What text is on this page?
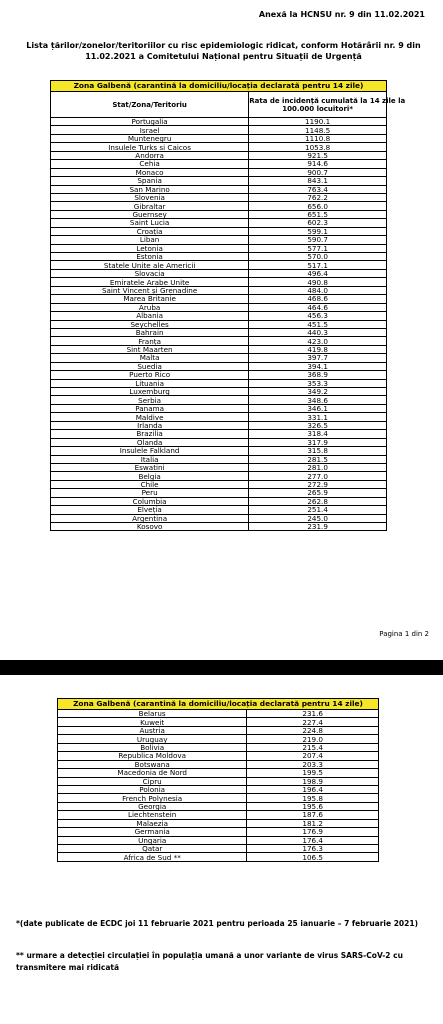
Anexă la HCNSU nr. 9 din 11.02.2021
Lista țărilor/zonelor/teritoriilor cu risc epidemiologic ridicat, conform Hotărârii nr. 9 din
11.02.2021 a Comitetului Național pentru Situații de Urgență
Zona Galbenă (carantină la domiciliu/locația declarată pentru 14 zile)	
Stat/Zona/Teritoriu	Rata de incidență cumulată la 14 zile la
100.000 locuitori*

Portugalia	1190.1
Israel	1148.5
Muntenegru	1110.8
Insulele Turks si Caicos	1053.8
Andorra	921.5
Cehia	914.6
Monaco	900.7
Spania	843.1
San Marino	763.4
Slovenia	762.2
Gibraltar	656.0
Guernsey	651.5
Saint Lucia	602.3
Croația	599.1
Liban	590.7
Letonia	577.1
Estonia	570.0
Statele Unite ale Americii	517.1
Slovacia	496.4
Emiratele Arabe Unite	490.8
Saint Vincent și Grenadine	484.0
Marea Britanie	468.6
Aruba	464.6
Albania	456.3
Seychelles	451.5
Bahrain	440.3
Franța	423.0
Sint Maarten	419.8
Malta	397.7
Suedia	394.1
Puerto Rico	368.9
Lituania	353.3
Luxemburg	349.2
Serbia	348.6
Panama	346.1
Maldive	331.1
Irlanda	326.5
Brazilia	318.4
Olanda	317.9
Insulele Falkland	315.8
Italia	281.5
Eswatini	281.0
Belgia	277.0
Chile	272.9
Peru	265.9
Columbia	262.8
Elveția	251.4
Argentina	245.0
Kosovo	231.9
Pagina 1 din 2
Zona Galbenă (carantină la domiciliu/locația declarată pentru 14 zile)	
Belarus	231.6
Kuweit	227.4
Austria	224.8
Uruguay	219.0
Bolivia	215.4
Republica Moldova	207.4
Botswana	203.3
Macedonia de Nord	199.5
Cipru	198.9
Polonia	196.4
French Polynesia	195.8
Georgia	195.6
Liechtenstein	187.6
Malaezia	181.2
Germania	176.9
Ungaria	176.4
Qatar	176.3
Africa de Sud **	106.5
*(date publicate de ECDC joi 11 februarie 2021 pentru perioada 25 ianuarie – 7 februarie 2021)
** urmare a detecției circulației în populația umană a unor variante de virus SARS-CoV-2 cu transmitere mai ridicată
